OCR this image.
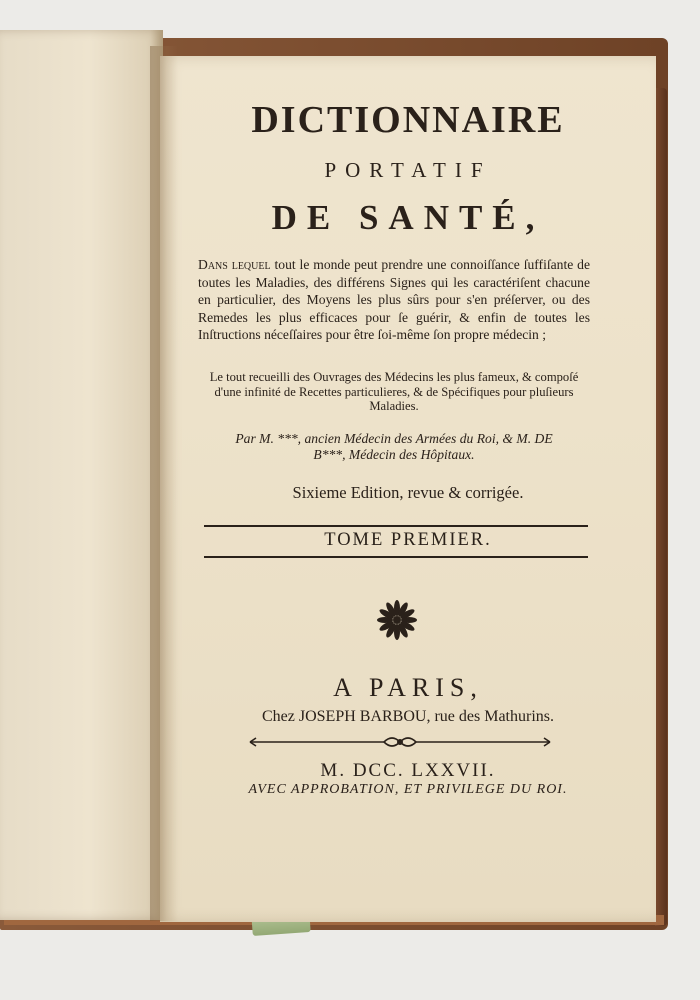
DICTIONNAIRE
PORTATIF
DE SANTÉ,
Dans lequel tout le monde peut prendre une connoiſſance ſuffiſante de toutes les Maladies, des différens Signes qui les caractériſent chacune en particulier, des Moyens les plus sûrs pour s'en préſerver, ou des Remedes les plus efficaces pour ſe guérir, & enfin de toutes les Inſtructions néceſſaires pour être ſoi-même ſon propre médecin ;
Le tout recueilli des Ouvrages des Médecins les plus fameux, & compoſé d'une infinité de Recettes particulieres, & de Spécifiques pour pluſieurs Maladies.
Par M. ***, ancien Médecin des Armées du Roi, & M. DE
B***, Médecin des Hôpitaux.
Sixieme Edition, revue & corrigée.
TOME PREMIER.
A PARIS,
Chez JOSEPH BARBOU, rue des Mathurins.
M. DCC. LXXVII.
AVEC APPROBATION, ET PRIVILEGE DU ROI.
